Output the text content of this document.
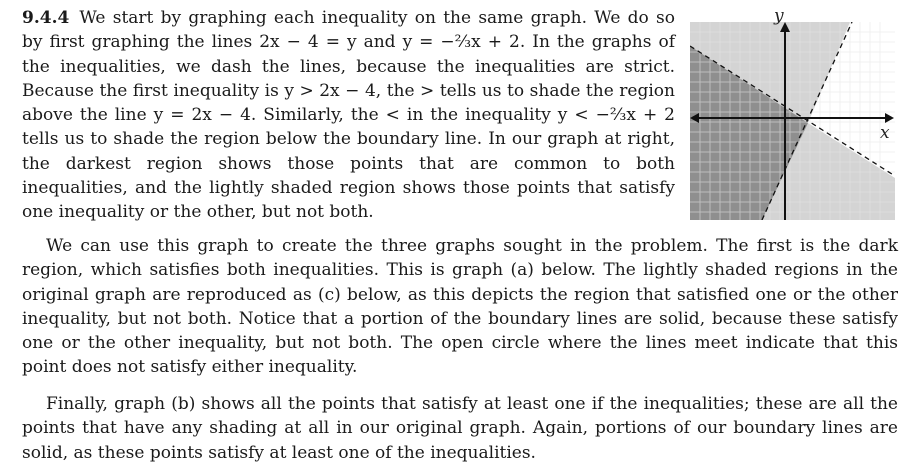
9.4.4 We start by graphing each inequality on the same graph. We do so by first graphing the lines 2x − 4 = y and y = −⅔x + 2. In the graphs of the inequalities, we dash the lines, because the inequalities are strict. Because the first inequality is y > 2x − 4, the > tells us to shade the region above the line y = 2x − 4. Similarly, the < in the inequality y < −⅔x + 2 tells us to shade the region below the boundary line. In our graph at right, the darkest region shows those points that are common to both inequalities, and the lightly shaded region shows those points that satisfy one inequality or the other, but not both.

y
x

We can use this graph to create the three graphs sought in the problem. The first is the dark region, which satisfies both inequalities. This is graph (a) below. The lightly shaded regions in the original graph are reproduced as (c) below, as this depicts the region that satisfied one or the other inequality, but not both. Notice that a portion of the boundary lines are solid, because these satisfy one or the other inequality, but not both. The open circle where the lines meet indicate that this point does not satisfy either inequality.

Finally, graph (b) shows all the points that satisfy at least one if the inequalities; these are all the points that have any shading at all in our original graph. Again, portions of our boundary lines are solid, as these points satisfy at least one of the inequalities.
